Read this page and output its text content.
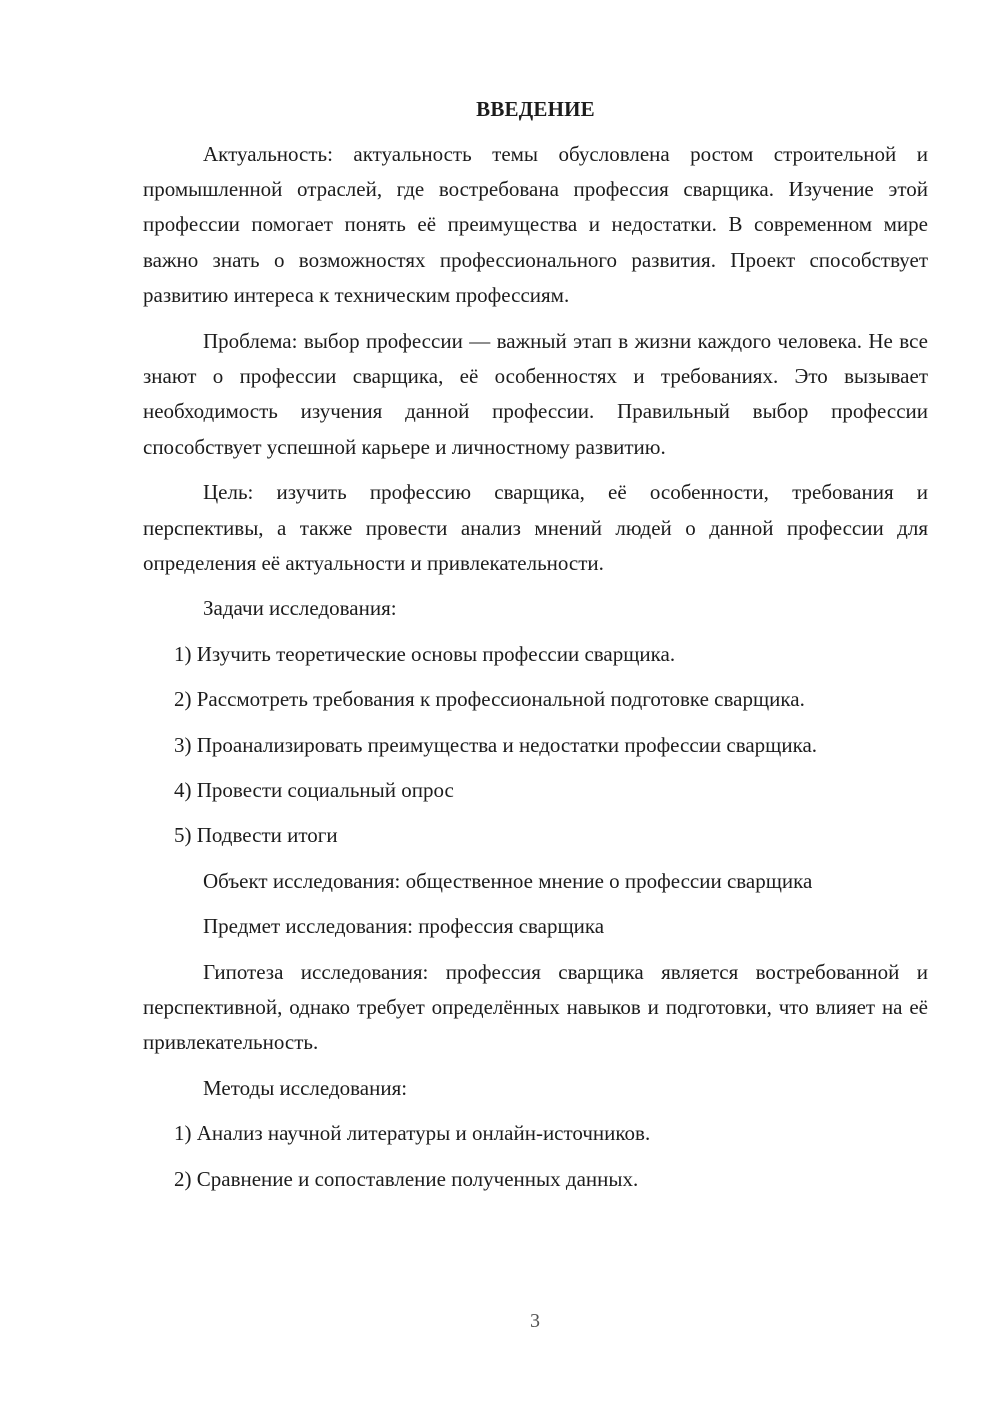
ВВЕДЕНИЕ

Актуальность: актуальность темы обусловлена ростом строительной и промышленной отраслей, где востребована профессия сварщика. Изучение этой профессии помогает понять её преимущества и недостатки. В современном мире важно знать о возможностях профессионального развития. Проект способствует развитию интереса к техническим профессиям.

Проблема: выбор профессии — важный этап в жизни каждого человека. Не все знают о профессии сварщика, её особенностях и требованиях. Это вызывает необходимость изучения данной профессии. Правильный выбор профессии способствует успешной карьере и личностному развитию.

Цель: изучить профессию сварщика, её особенности, требования и перспективы, а также провести анализ мнений людей о данной профессии для определения её актуальности и привлекательности.

Задачи исследования:

1) Изучить теоретические основы профессии сварщика.

2) Рассмотреть требования к профессиональной подготовке сварщика.

3) Проанализировать преимущества и недостатки профессии сварщика.

4) Провести социальный опрос

5) Подвести итоги

Объект исследования: общественное мнение о профессии сварщика

Предмет исследования: профессия сварщика

Гипотеза исследования: профессия сварщика является востребованной и перспективной, однако требует определённых навыков и подготовки, что влияет на её привлекательность.

Методы исследования:

1) Анализ научной литературы и онлайн-источников.

2) Сравнение и сопоставление полученных данных.

3
